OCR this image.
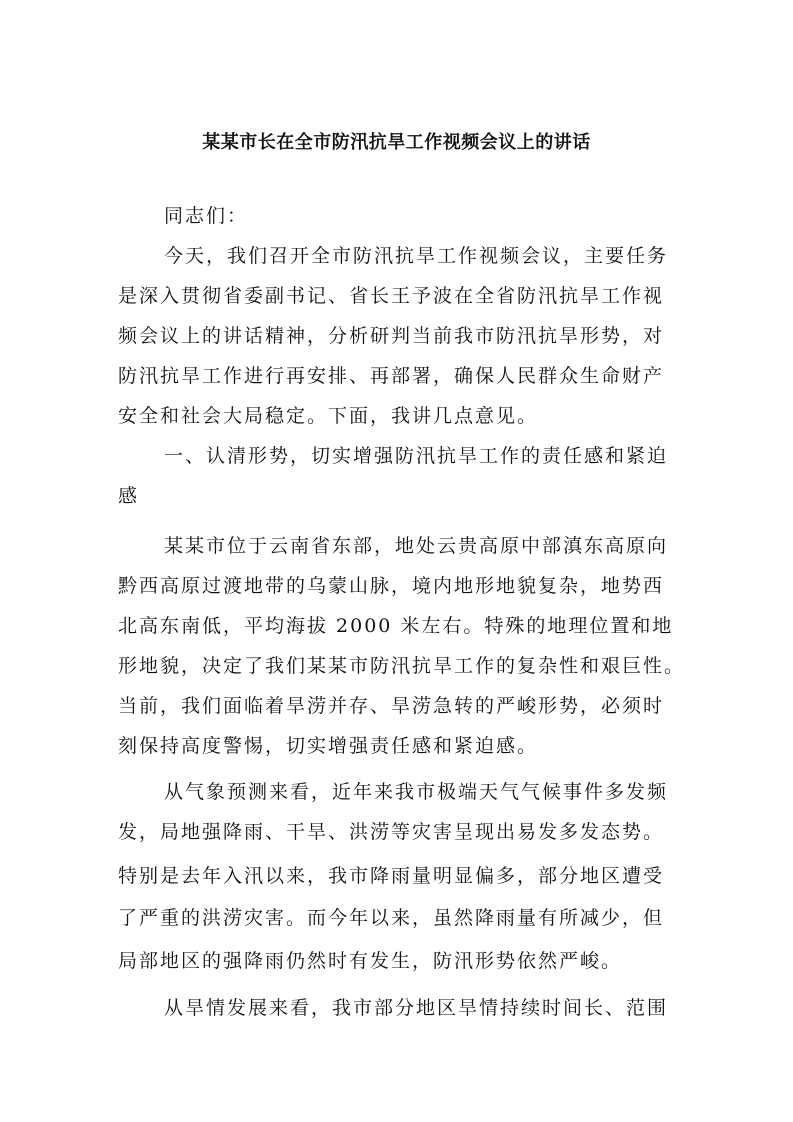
某某市长在全市防汛抗旱工作视频会议上的讲话
同志们：
今天，我们召开全市防汛抗旱工作视频会议，主要任务
是深入贯彻省委副书记、省长王予波在全省防汛抗旱工作视
频会议上的讲话精神，分析研判当前我市防汛抗旱形势，对
防汛抗旱工作进行再安排、再部署，确保人民群众生命财产
安全和社会大局稳定。下面，我讲几点意见。
一、认清形势，切实增强防汛抗旱工作的责任感和紧迫
感
某某市位于云南省东部，地处云贵高原中部滇东高原向
黔西高原过渡地带的乌蒙山脉，境内地形地貌复杂，地势西
北高东南低，平均海拔 2000 米左右。特殊的地理位置和地
形地貌，决定了我们某某市防汛抗旱工作的复杂性和艰巨性。
当前，我们面临着旱涝并存、旱涝急转的严峻形势，必须时
刻保持高度警惕，切实增强责任感和紧迫感。
从气象预测来看，近年来我市极端天气气候事件多发频
发，局地强降雨、干旱、洪涝等灾害呈现出易发多发态势。
特别是去年入汛以来，我市降雨量明显偏多，部分地区遭受
了严重的洪涝灾害。而今年以来，虽然降雨量有所减少，但
局部地区的强降雨仍然时有发生，防汛形势依然严峻。
从旱情发展来看，我市部分地区旱情持续时间长、范围
